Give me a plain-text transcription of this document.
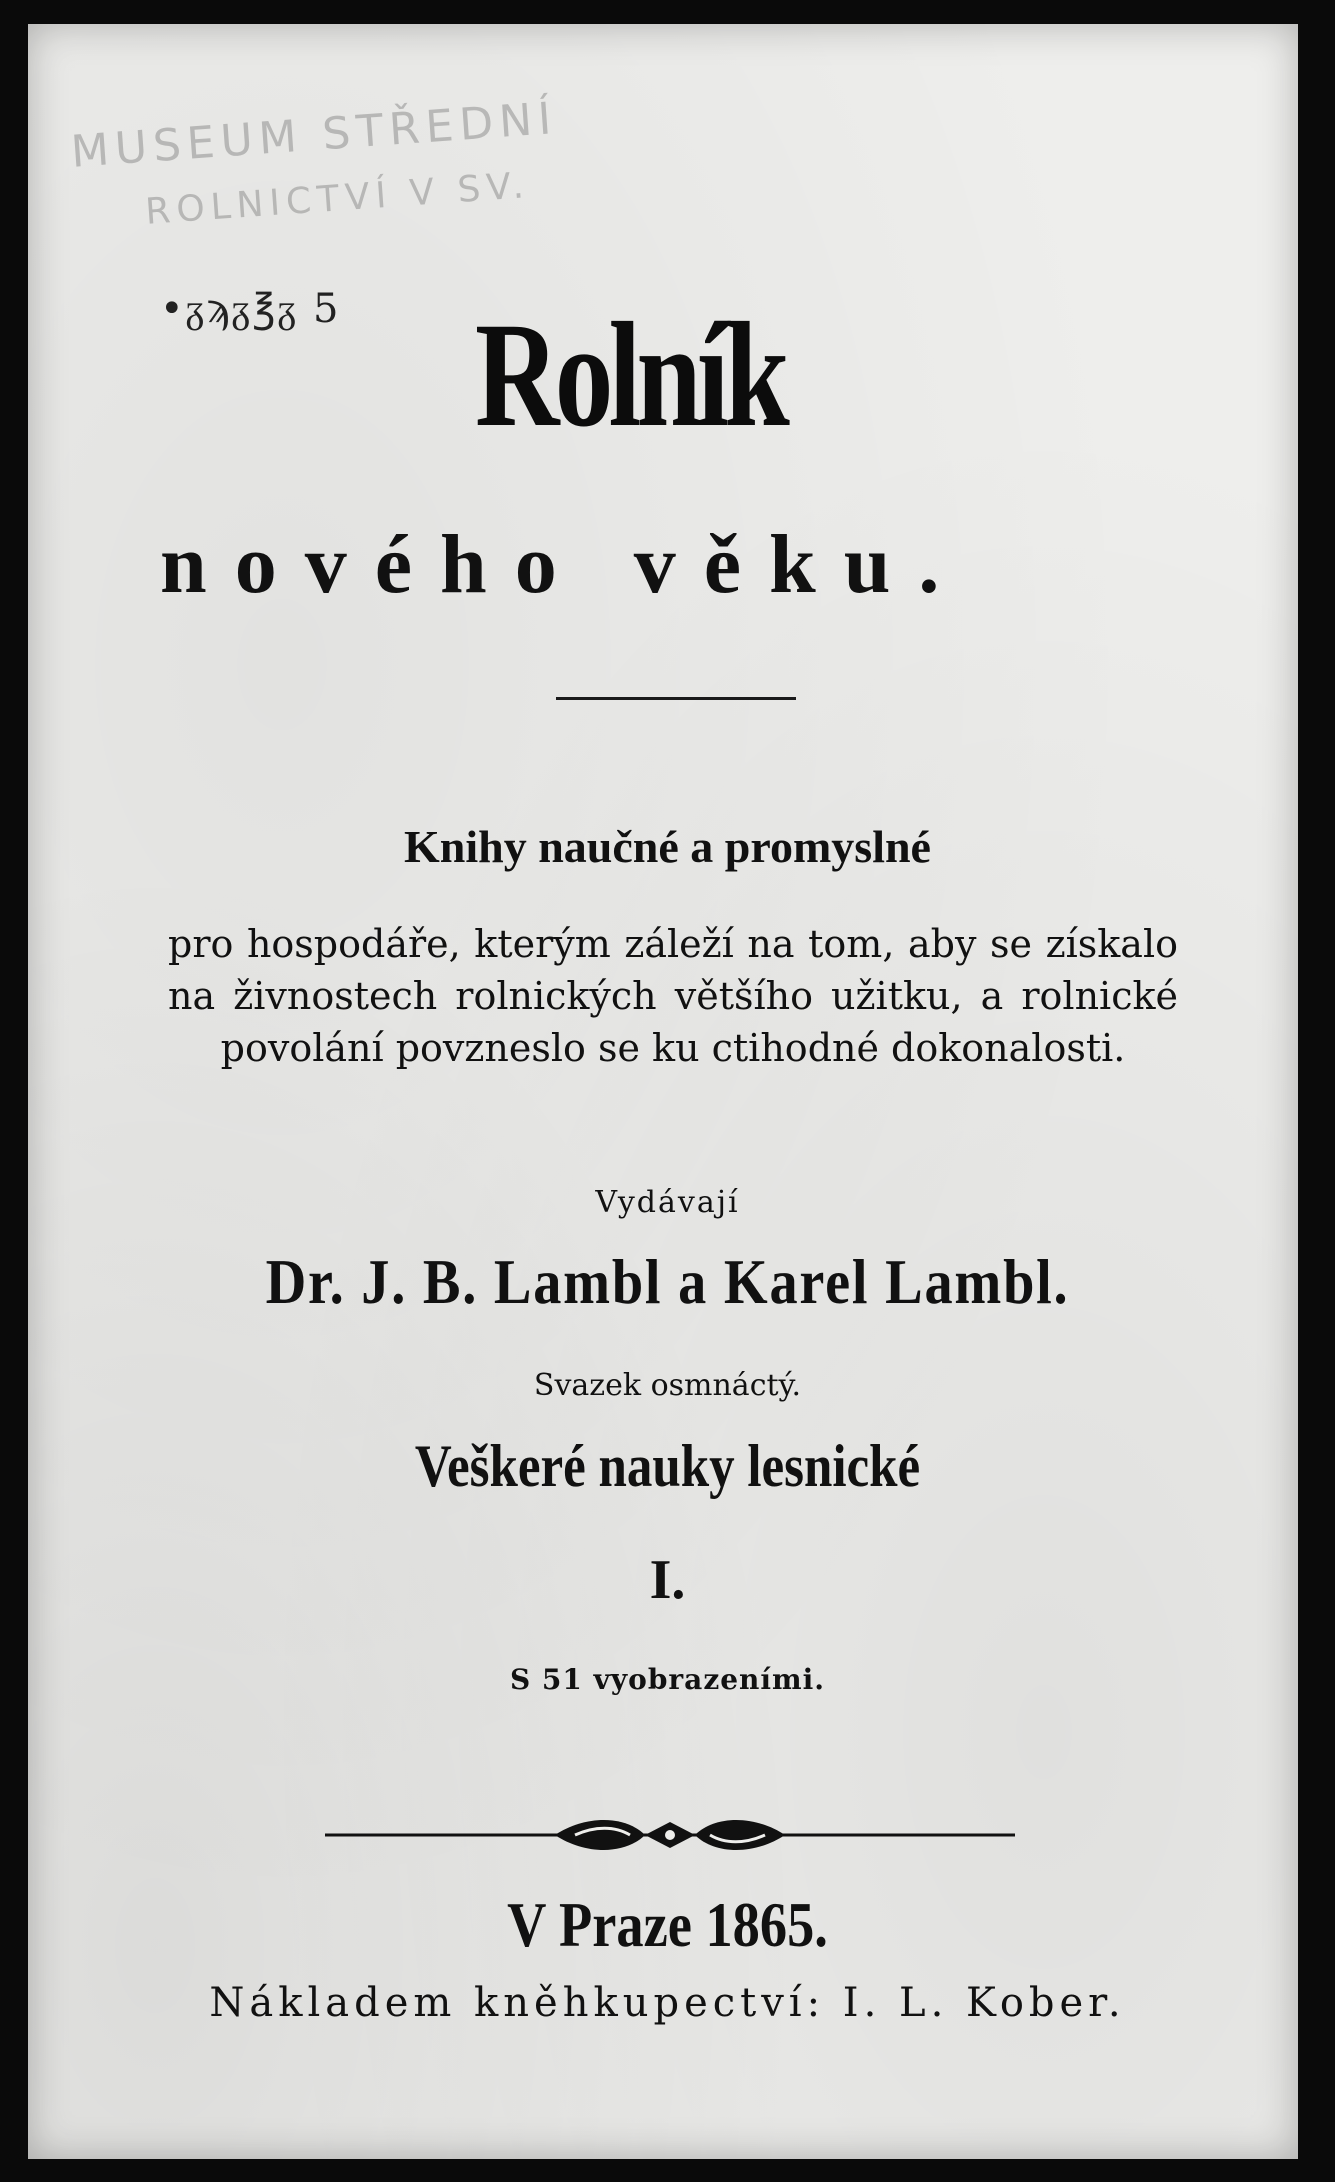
MUSEUM STŘEDNÍ
ROLNICTVÍ V SV.
•ᵹϡᵹ℥ᵹ 5 Rolník
nového věku.
Knihy naučné a promyslné
pro hospodáře, kterým záleží na tom, aby se získalo na živnostech rolnických většího užitku, a rolnické povolání povzneslo se ku ctihodné dokonalosti.
Vydávají
Dr. J. B. Lambl a Karel Lambl.
Svazek osmnáctý.
Veškeré nauky lesnické
I.
S 51 vyobrazeními.
V Praze 1865.
Nákladem kněhkupectví: I. L. Kober.
